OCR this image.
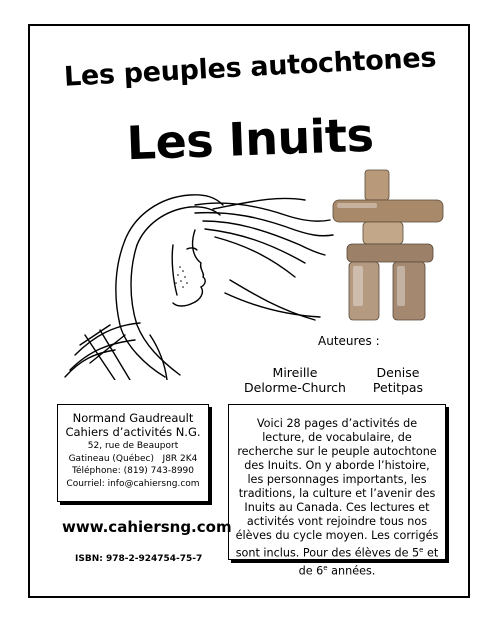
Les peuples autochtones
Les Inuits
Auteures :
Mireille
Delorme-Church
Denise
Petitpas
Normand Gaudreault
Cahiers d’activités N.G.
52, rue de Beauport
Gatineau (Québec)   J8R 2K4
Téléphone: (819) 743-8990
Courriel: info@cahiersng.com
Voici 28 pages d’activités de lecture, de vocabulaire, de recherche sur le peuple autochtone des Inuits. On y aborde l’histoire, les personnages importants, les traditions, la culture et l’avenir des Inuits au Canada. Ces lectures et activités vont rejoindre tous nos élèves du cycle moyen. Les corrigés sont inclus. Pour des élèves de 5e et de 6e années.
www.cahiersng.com
ISBN: 978-2-924754-75-7
